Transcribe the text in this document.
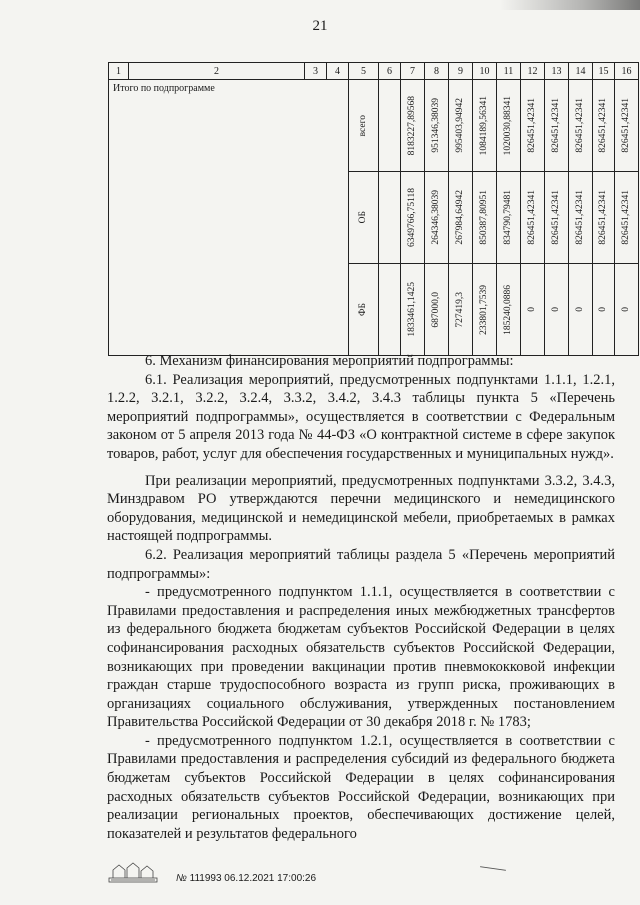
21
1	2	3	4	5	6	7	8	9	10	11	12	13	14	15	16
Итого по подпрограмме				всего		8183227,89568	951346,38039	995403,94942	1084189,56341	1020030,88341	826451,42341	826451,42341	826451,42341	826451,42341	826451,42341

				ОБ		6349766,75118	264346,38039	267984,64942	850387,80951	834790,79481	826451,42341	826451,42341	826451,42341	826451,42341	826451,42341

				ФБ		1833461,1425	687000,0	727419,3	233801,7539	185240,0886	0	0	0	0	0

6. Механизм финансирования мероприятий подпрограммы:

6.1. Реализация мероприятий, предусмотренных подпунктами 1.1.1, 1.2.1, 1.2.2, 3.2.1, 3.2.2, 3.2.4, 3.3.2, 3.4.2, 3.4.3 таблицы пункта 5 «Перечень мероприятий подпрограммы», осуществляется в соответствии с Федеральным законом от 5 апреля 2013 года № 44-ФЗ «О контрактной системе в сфере закупок товаров, работ, услуг для обеспечения государственных и муниципальных нужд».

При реализации мероприятий, предусмотренных подпунктами 3.3.2, 3.4.3, Минздравом РО утверждаются перечни медицинского и немедицинского оборудования, медицинской и немедицинской мебели, приобретаемых в рамках настоящей подпрограммы.

6.2. Реализация мероприятий таблицы раздела 5 «Перечень мероприятий подпрограммы»:

- предусмотренного подпунктом 1.1.1, осуществляется в соответствии с Правилами предоставления и распределения иных межбюджетных трансфертов из федерального бюджета бюджетам субъектов Российской Федерации в целях софинансирования расходных обязательств субъектов Российской Федерации, возникающих при проведении вакцинации против пневмококковой инфекции граждан старше трудоспособного возраста из групп риска, проживающих в организациях социального обслуживания, утвержденных постановлением Правительства Российской Федерации от 30 декабря 2018 г. № 1783;

- предусмотренного подпунктом 1.2.1, осуществляется в соответствии с Правилами предоставления и распределения субсидий из федерального бюджета бюджетам субъектов Российской Федерации в целях софинансирования расходных обязательств субъектов Российской Федерации, возникающих при реализации региональных проектов, обеспечивающих достижение целей, показателей и результатов федерального

№ 111993 06.12.2021 17:00:26
